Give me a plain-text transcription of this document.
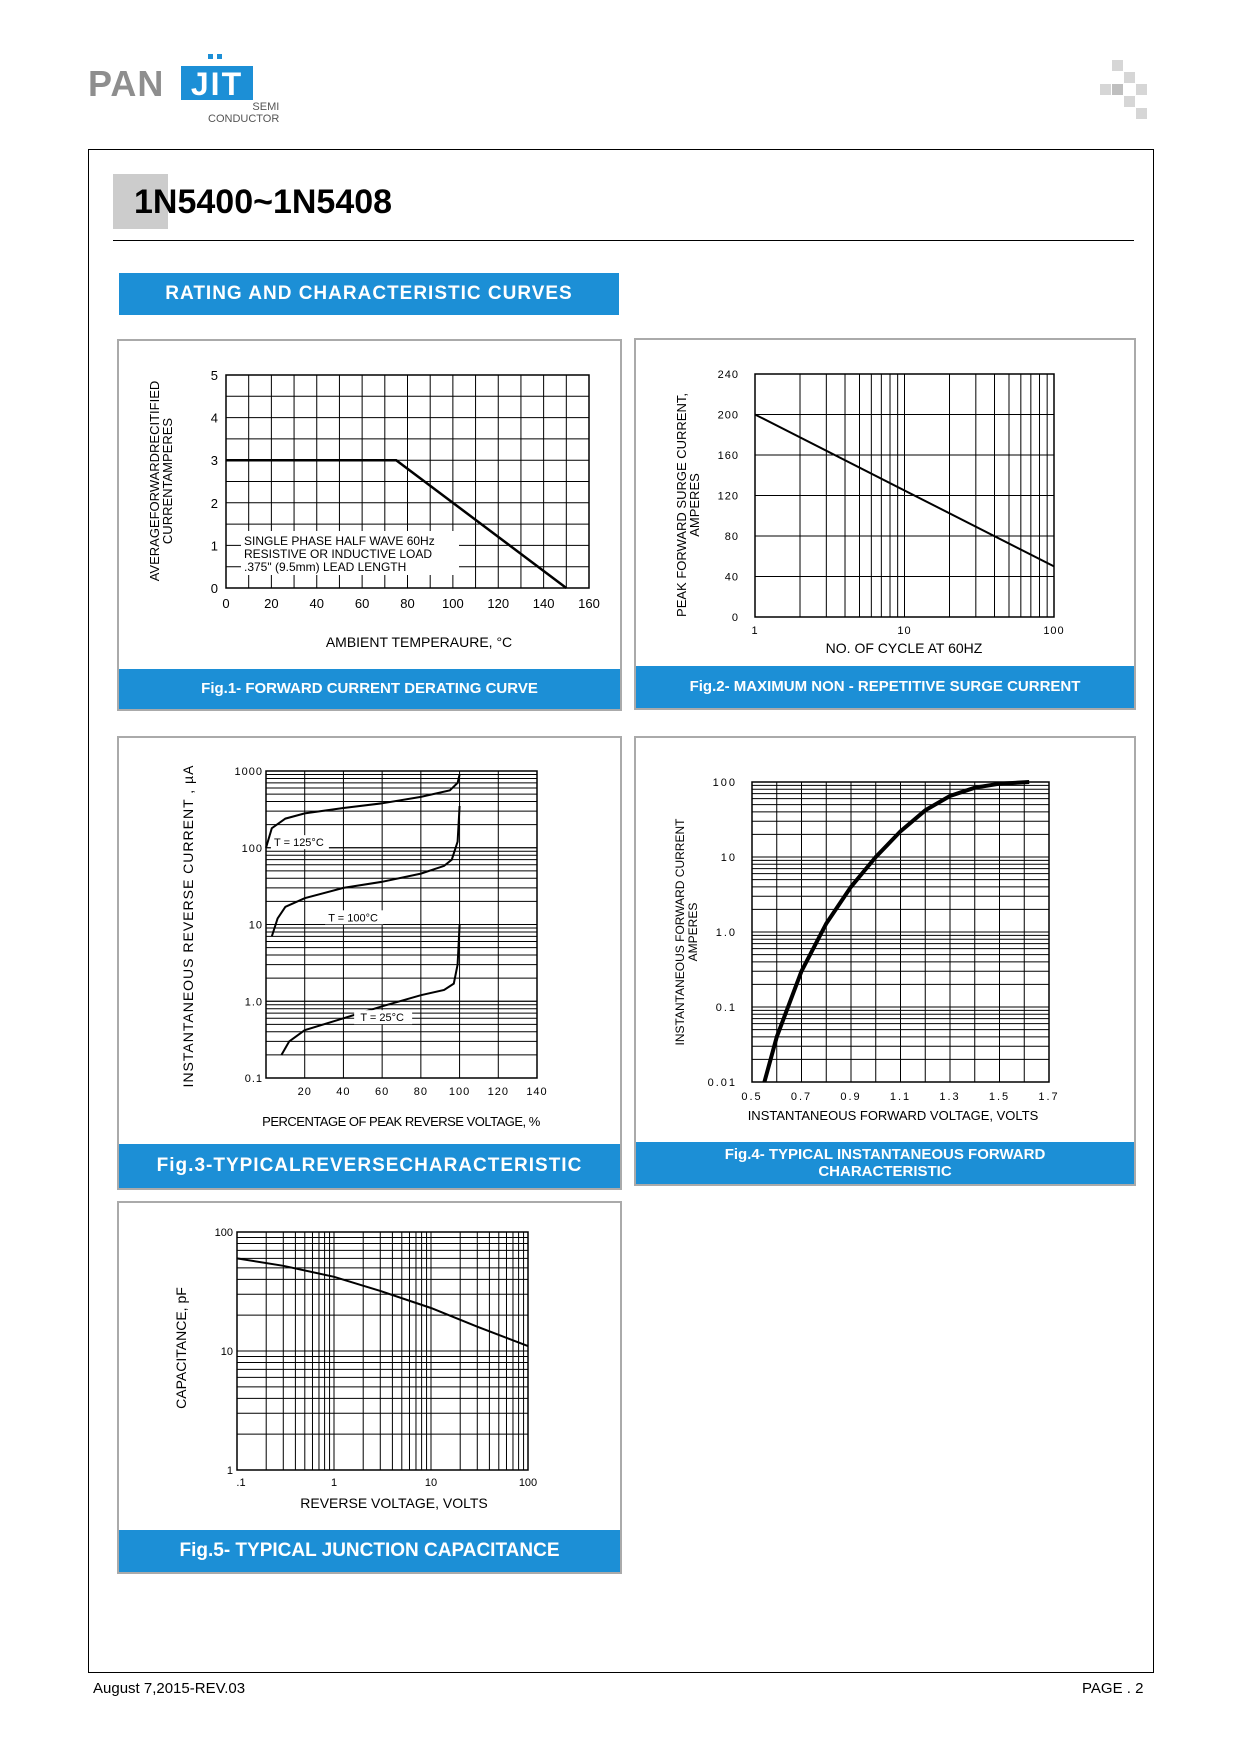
PAN JIT
SEMI
CONDUCTOR
1N5400~1N5408
RATING AND CHARACTERISTIC CURVES
0	20 40 60 80 100 120 140 160
0
1
2
3
4
5
SINGLE PHASE HALF WAVE 60Hz
RESISTIVE OR INDUCTIVE LOAD
.375" (9.5mm) LEAD LENGTH
AMBIENT TEMPERAURE, °C
AVERAGEFORWARDRECITIFIED
CURRENTAMPERES
Fig.1- FORWARD CURRENT DERATING CURVE
0
40
80
120
160
200
240
1	10	100
NO. OF CYCLE AT 60HZ
PEAK FORWARD SURGE CURRENT,
AMPERES
Fig.2- MAXIMUM NON - REPETITIVE SURGE CURRENT
0.1
1.0
10
100
1000
20 40 60 80 100 120 140
T = 125°C
T = 100°C
T = 25°C
PERCENTAGE OF PEAK REVERSE VOLTAGE, %
INSTANTANEOUS REVERSE CURRENT , µA
Fig.3-TYPICALREVERSECHARACTERISTIC
0.01
0.1
1.0
10
100
0.5	0.7	0.9	1.1	1.3	1.5	1.7
INSTANTANEOUS FORWARD VOLTAGE, VOLTS
INSTANTANEOUS FORWARD CURRENT AMPERES
Fig.4- TYPICAL INSTANTANEOUS FORWARD
CHARACTERISTIC
1
10
100
.1	1	10	100
REVERSE VOLTAGE, VOLTS
CAPACITANCE, pF
Fig.5- TYPICAL JUNCTION CAPACITANCE
August 7,2015-REV.03	PAGE . 2
